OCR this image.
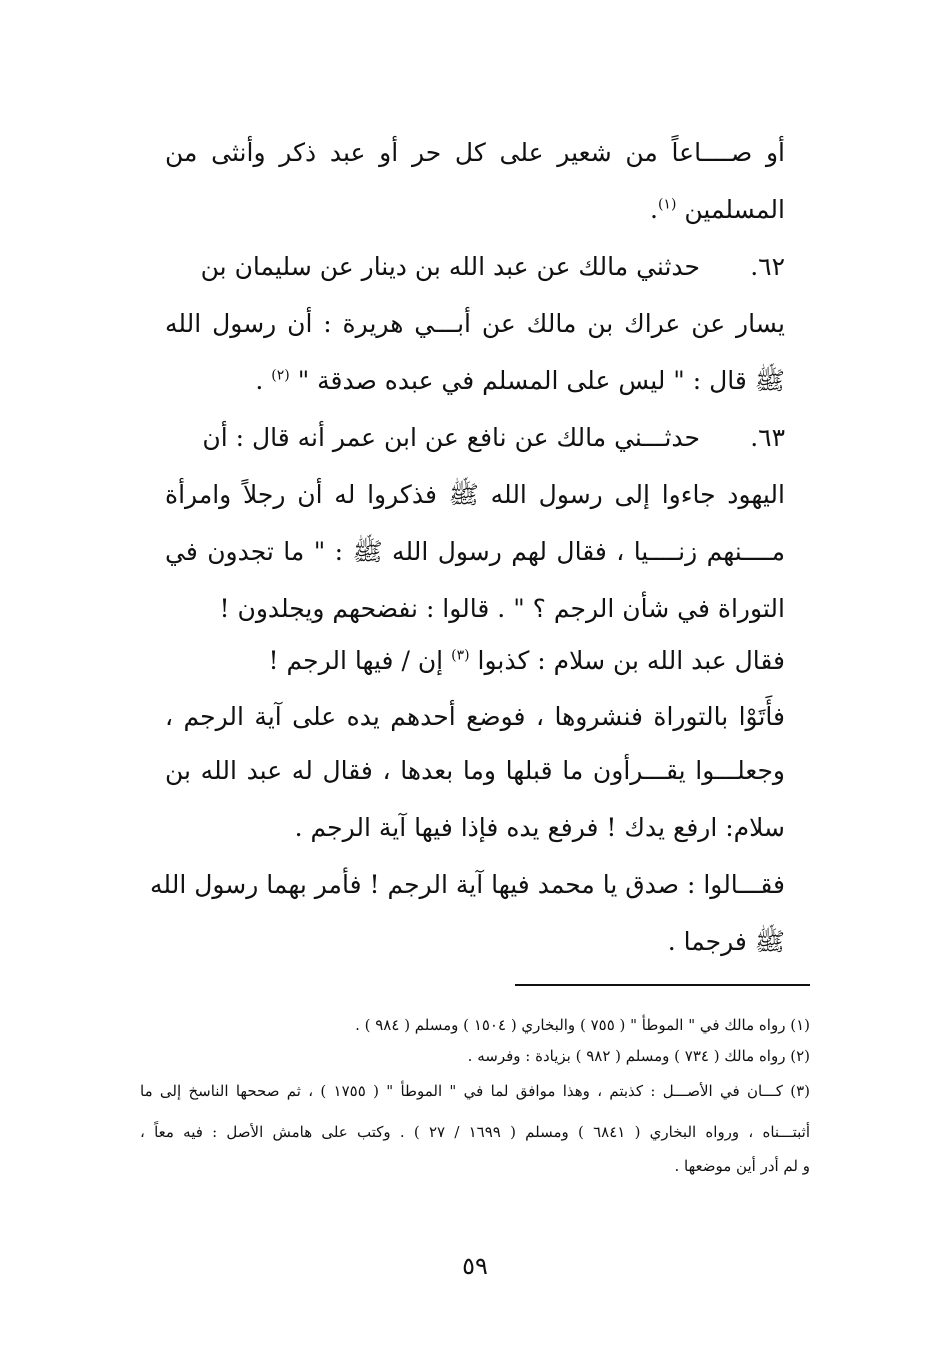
أو صــــاعاً من شعير على كل حر أو عبد ذكر وأنثى من
المسلمين $^{(١)}$.
٦٢.
حدثني مالك عن عبد الله بن دينار عن سليمان بن
يسار عن عراك بن مالك عن أبـــي هريرة : أن رسول الله
ﷺ قال : " ليس على المسلم في عبده صدقة " $^{(٢)}$ .
٦٣.
حدثـــني مالك عن نافع عن ابن عمر أنه قال : أن
اليهود جاءوا إلى رسول الله ﷺ فذكروا له أن رجلاً وامرأة
مــــنهم زنــــيا ، فقال لهم رسول الله ﷺ : " ما تجدون في
التوراة في شأن الرجم ؟ " . قالوا : نفضحهم ويجلدون !
فقال عبد الله بن سلام : كذبوا $^{(٣)}$ إن / فيها الرجم !
فأَتَوْا بالتوراة فنشروها ، فوضع أحدهم يده على آية الرجم ،
وجعلـــوا يقـــرأون ما قبلها وما بعدها ، فقال له عبد الله بن
سلام: ارفع يدك ! فرفع يده فإذا فيها آية الرجم .
فقـــالوا : صدق يا محمد فيها آية الرجم ! فأمر بهما رسول الله
ﷺ فرجما .
(١) رواه مالك في " الموطأ " ( ٧٥٥ ) والبخاري ( ١٥٠٤ ) ومسلم ( ٩٨٤ ) .
(٢) رواه مالك ( ٧٣٤ ) ومسلم ( ٩٨٢ ) بزيادة : وفرسه .
(٣) كـــان في الأصـــل : كذبتم ، وهذا موافق لما في " الموطأ " ( ١٧٥٥ ) ، ثم صححها الناسخ إلى ما
أثبتـــناه ، ورواه البخاري ( ٦٨٤١ ) ومسلم ( ١٦٩٩ / ٢٧ ) . وكتب على هامش الأصل : فيه معاً ،
و لم أدر أين موضعها .
٥٩
